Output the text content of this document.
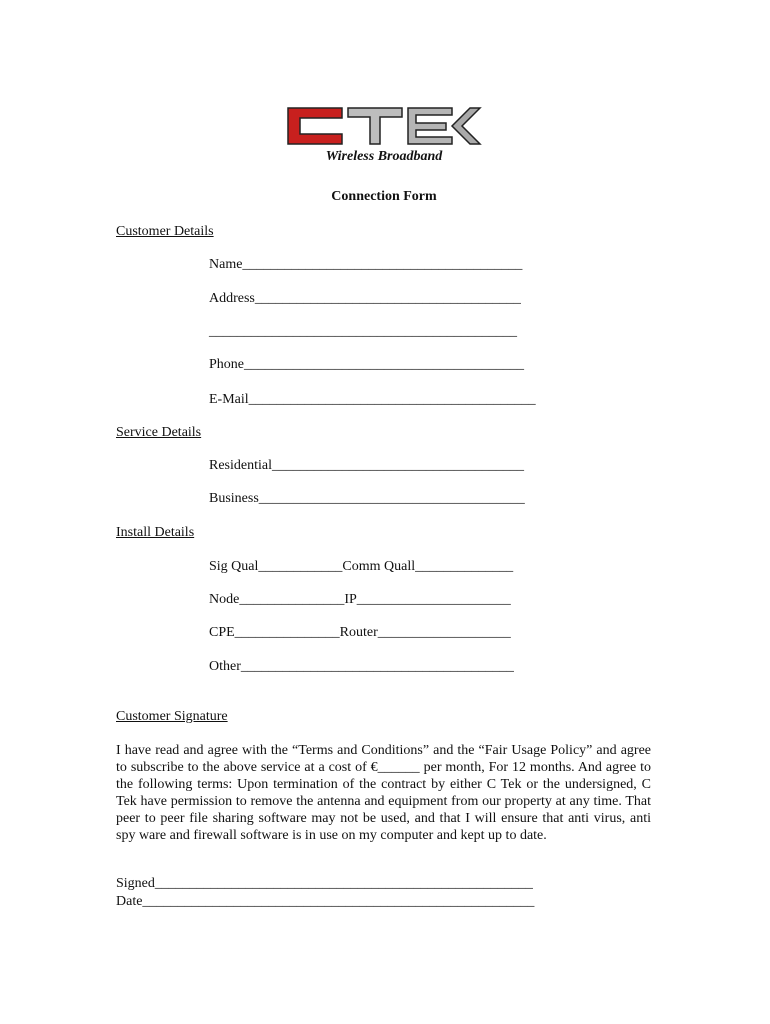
Wireless Broadband
Connection Form
Customer Details
Name________________________________________
Address______________________________________
____________________________________________
Phone________________________________________
E-Mail_________________________________________
Service Details
Residential____________________________________
Business______________________________________
Install Details
Sig Qual____________Comm Quall______________
Node_______________IP______________________
CPE_______________Router___________________
Other_______________________________________
Customer Signature
I have read and agree with the “Terms and Conditions” and the “Fair Usage Policy” and agree to subscribe to the above service at a cost of €______ per month, For 12 months. And agree to the following terms: Upon termination of the contract by either C Tek or the undersigned, C Tek have permission to remove the antenna and equipment from our property at any time. That peer to peer file sharing software may not be used, and that I will ensure that anti virus, anti spy ware and firewall software is in use on my computer and kept up to date.
Signed______________________________________________________
Date________________________________________________________
